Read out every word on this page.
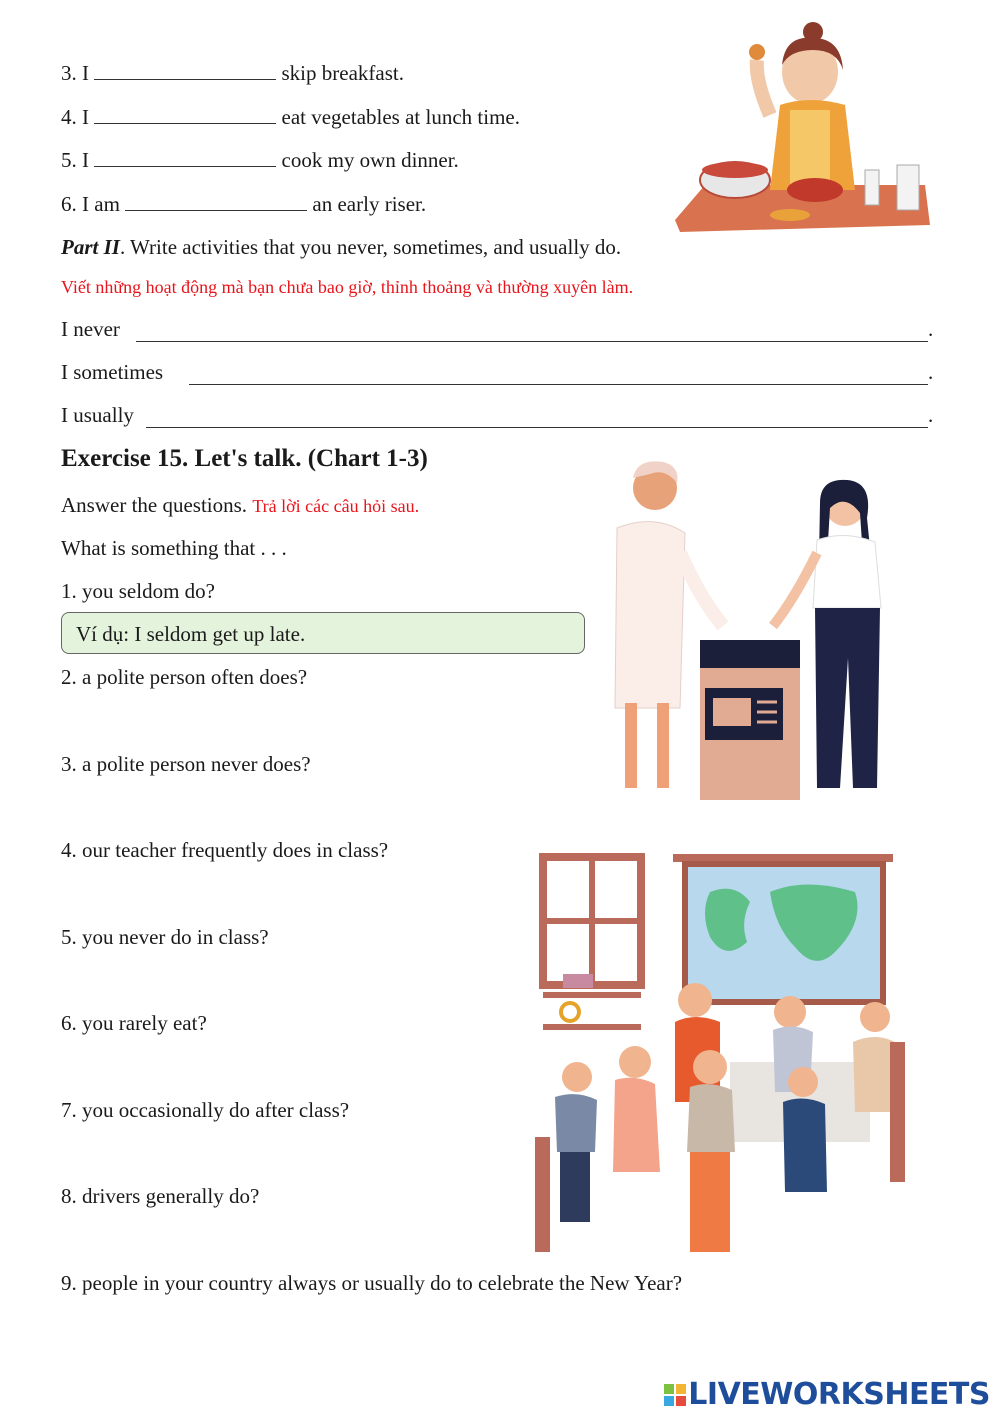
3. I	skip breakfast.
4. I	eat vegetables at lunch time.
5. I	cook my own dinner.
6. I am	an early riser.
Part II. Write activities that you never, sometimes, and usually do.
Viết những hoạt động mà bạn chưa bao giờ, thỉnh thoảng và thường xuyên làm.
I never	.
I sometimes	.
I usually	.
Exercise 15. Let's talk. (Chart 1-3)
Answer the questions. Trả lời các câu hỏi sau.
What is something that . . .
1. you seldom do?
Ví dụ: I seldom get up late.
2. a polite person often does?
3. a polite person never does?
4. our teacher frequently does in class?
5. you never do in class?
6. you rarely eat?
7. you occasionally do after class?
8. drivers generally do?
9. people in your country always or usually do to celebrate the New Year?
LIVEWORKSHEETS
